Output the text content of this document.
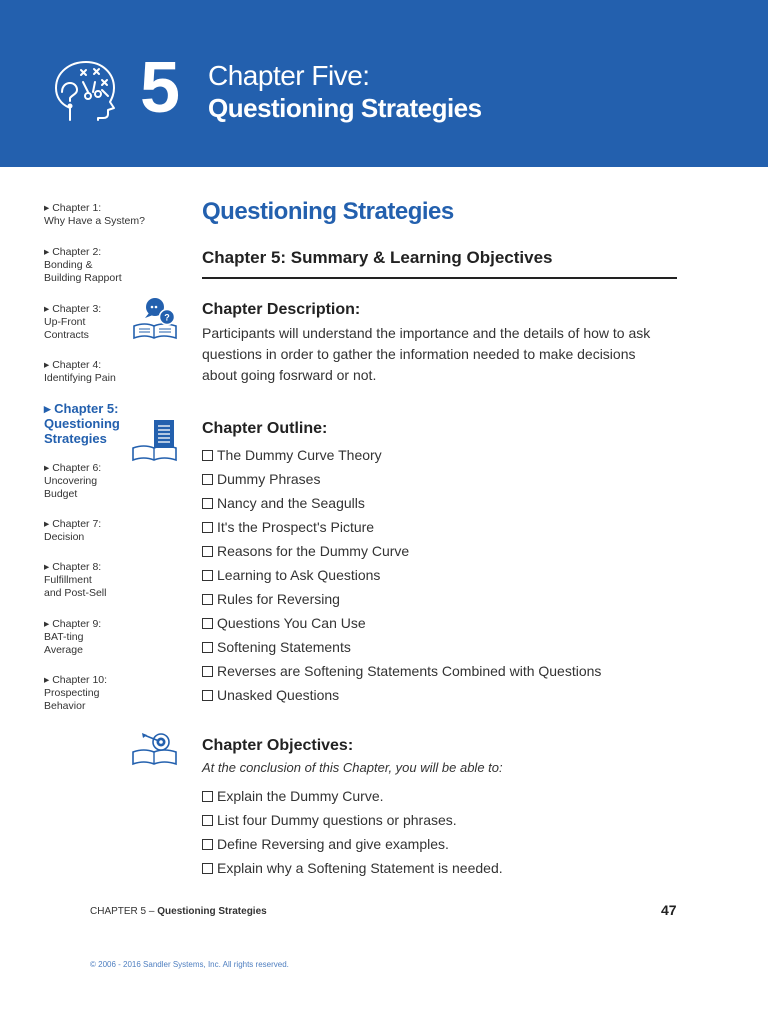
5 Chapter Five:
Questioning Strategies
▸ Chapter 1:
Why Have a System?
▸ Chapter 2:
Bonding &
Building Rapport
▸ Chapter 3:
Up-Front
Contracts
▸ Chapter 4:
Identifying Pain
▸ Chapter 5:
Questioning
Strategies
▸ Chapter 6:
Uncovering
Budget
▸ Chapter 7:
Decision
▸ Chapter 8:
Fulfillment
and Post-Sell
▸ Chapter 9:
BAT-ting
Average
▸ Chapter 10:
Prospecting
Behavior
?
Questioning Strategies
Chapter 5: Summary & Learning Objectives
Chapter Description:

Participants will understand the importance and the details of how to ask questions in order to gather the information needed to make decisions about going fosrward or not.

Chapter Outline:
The Dummy Curve Theory
Dummy Phrases
Nancy and the Seagulls
It's the Prospect's Picture
Reasons for the Dummy Curve
Learning to Ask Questions
Rules for Reversing
Questions You Can Use
Softening Statements
Reverses are Softening Statements Combined with Questions
Unasked Questions
Chapter Objectives:

At the conclusion of this Chapter, you will be able to:

Explain the Dummy Curve.
List four Dummy questions or phrases.
Define Reversing and give examples.
Explain why a Softening Statement is needed.
CHAPTER 5 – Questioning Strategies	47
© 2006 - 2016 Sandler Systems, Inc. All rights reserved.
